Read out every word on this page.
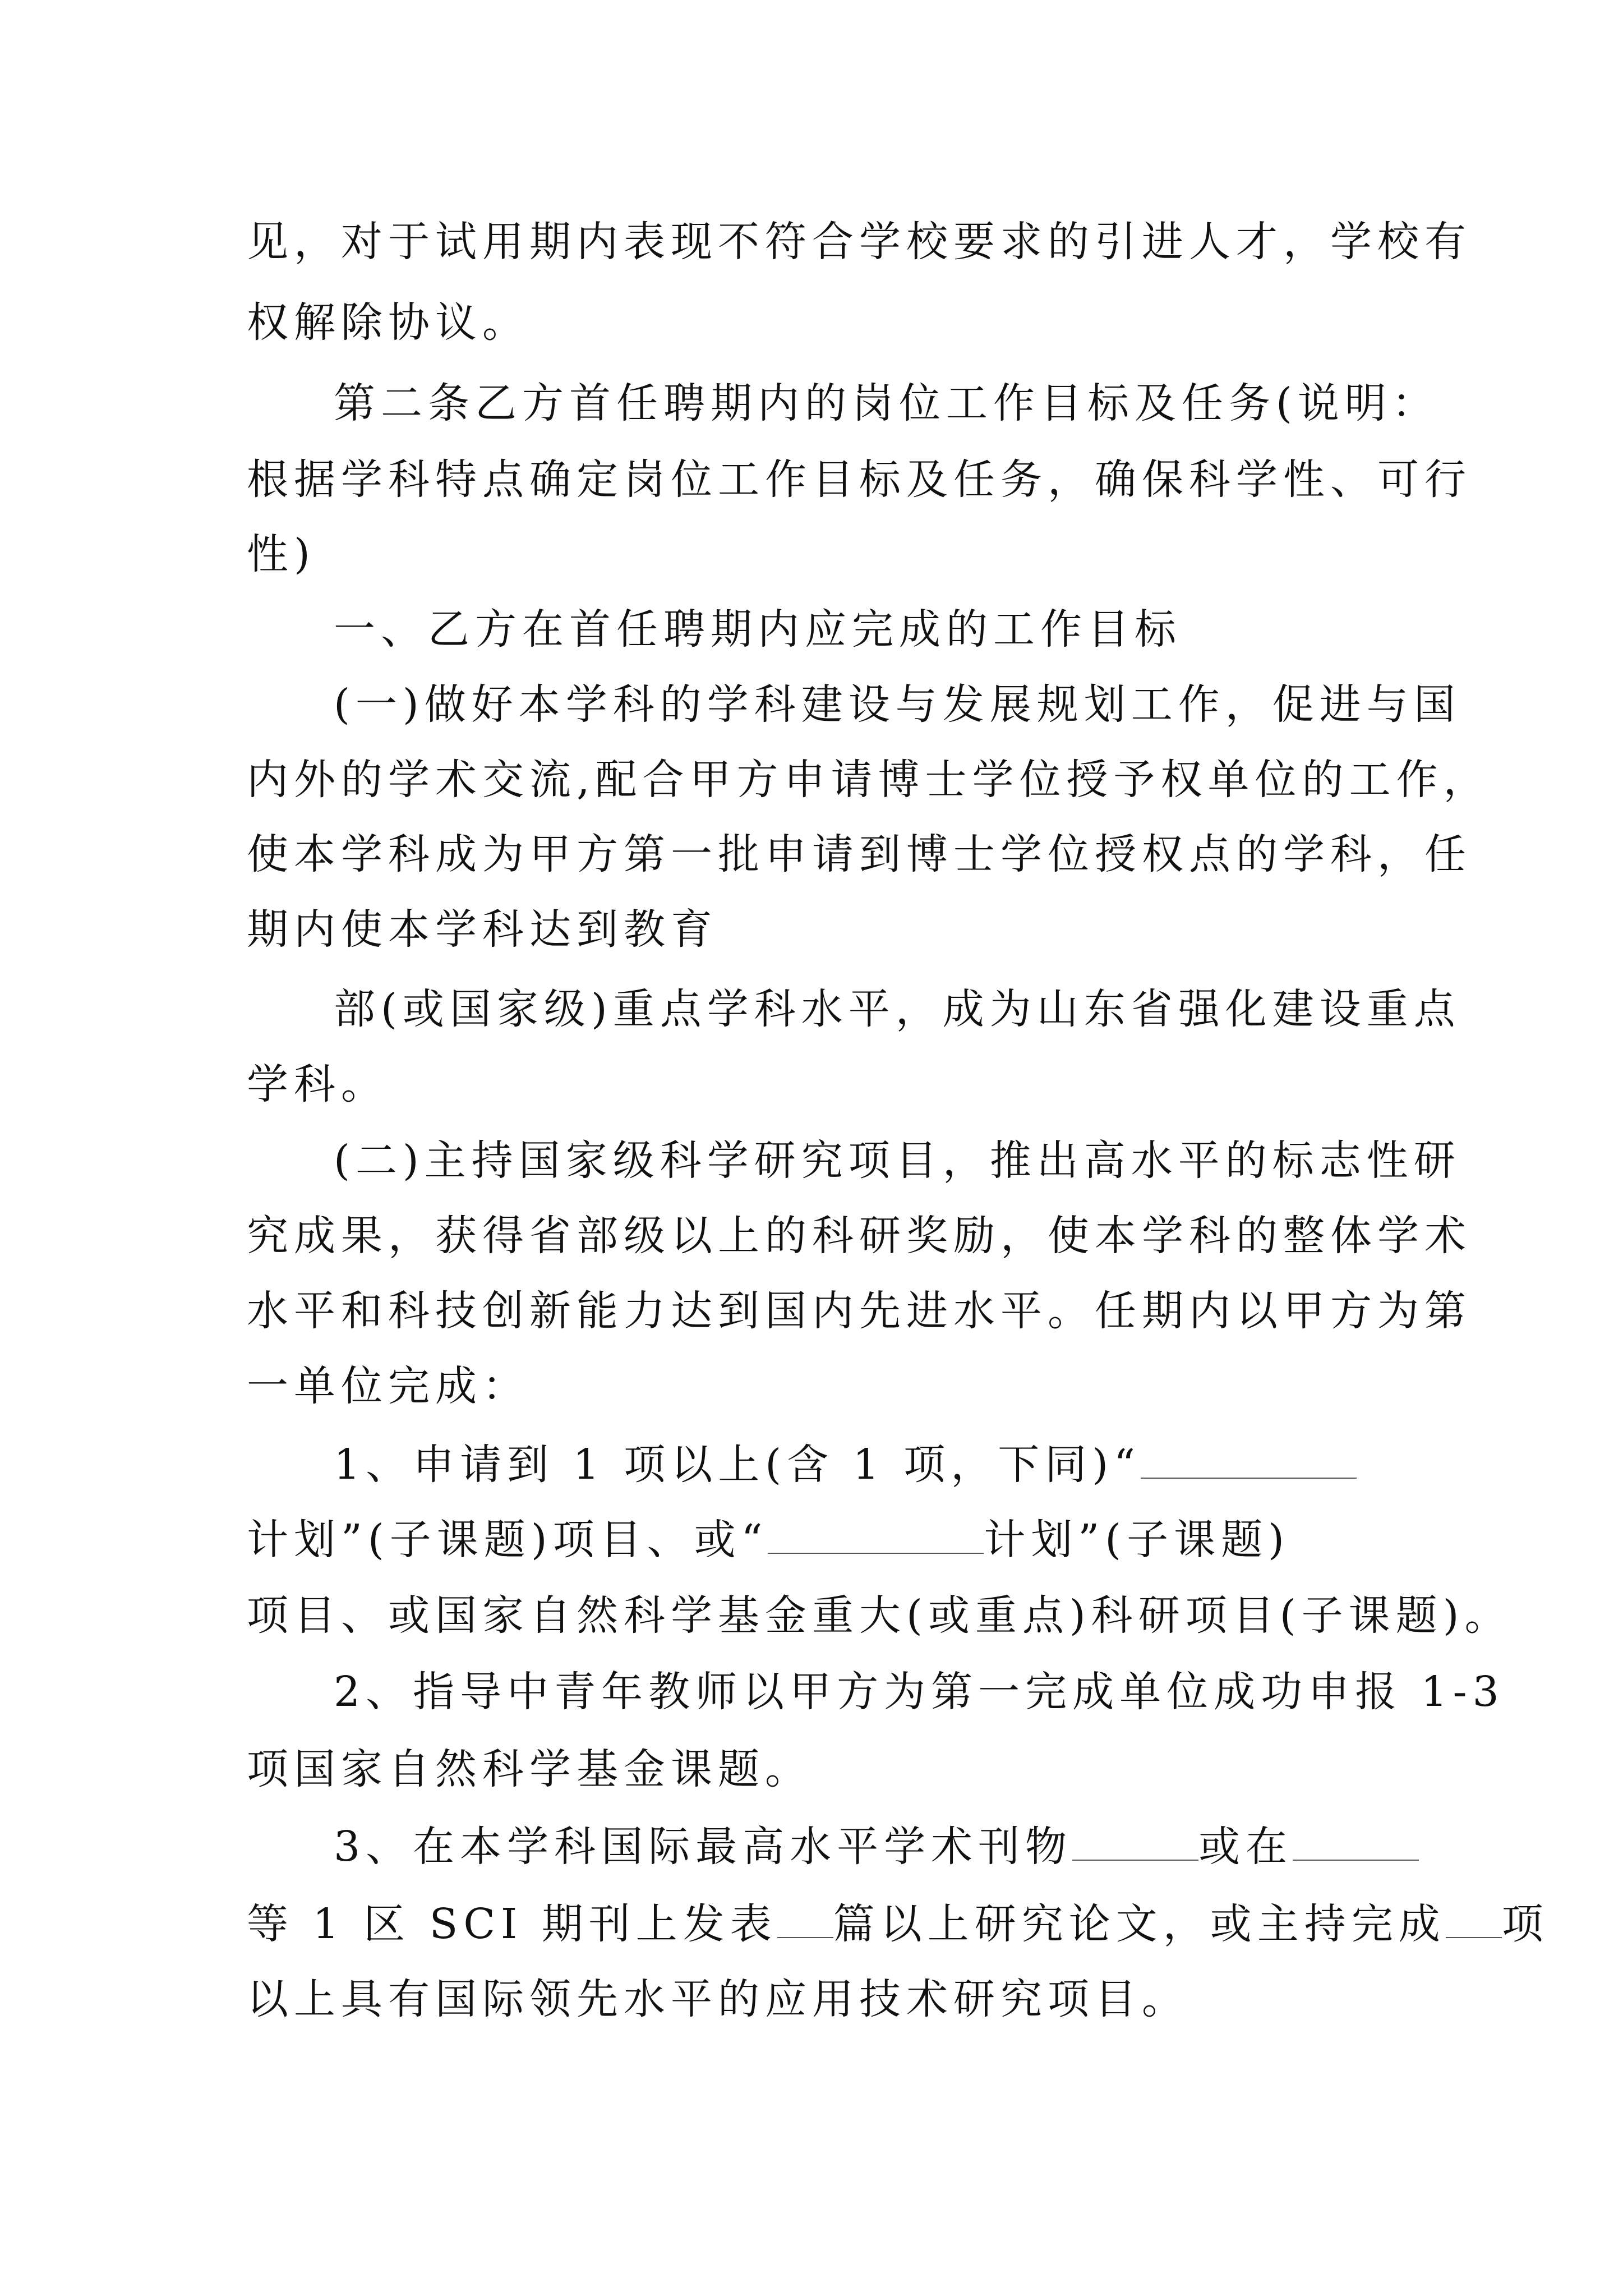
见，对于试用期内表现不符合学校要求的引进人才，学校有
权解除协议。
第二条乙方首任聘期内的岗位工作目标及任务(说明：
根据学科特点确定岗位工作目标及任务，确保科学性、可行
性)
一、乙方在首任聘期内应完成的工作目标
(一)做好本学科的学科建设与发展规划工作，促进与国
内外的学术交流,配合甲方申请博士学位授予权单位的工作，
使本学科成为甲方第一批申请到博士学位授权点的学科，任
期内使本学科达到教育
部(或国家级)重点学科水平，成为山东省强化建设重点
学科。
(二)主持国家级科学研究项目，推出高水平的标志性研
究成果，获得省部级以上的科研奖励，使本学科的整体学术
水平和科技创新能力达到国内先进水平。任期内以甲方为第
一单位完成：
1、申请到 1 项以上(含 1 项，下同)“
计划”(子课题)项目、或“	计划”(子课题)
项目、或国家自然科学基金重大(或重点)科研项目(子课题)。
2、指导中青年教师以甲方为第一完成单位成功申报 1-3
项国家自然科学基金课题。
3、在本学科国际最高水平学术刊物	或在
等 1 区 SCI 期刊上发表 篇以上研究论文，或主持完成 项
以上具有国际领先水平的应用技术研究项目。
